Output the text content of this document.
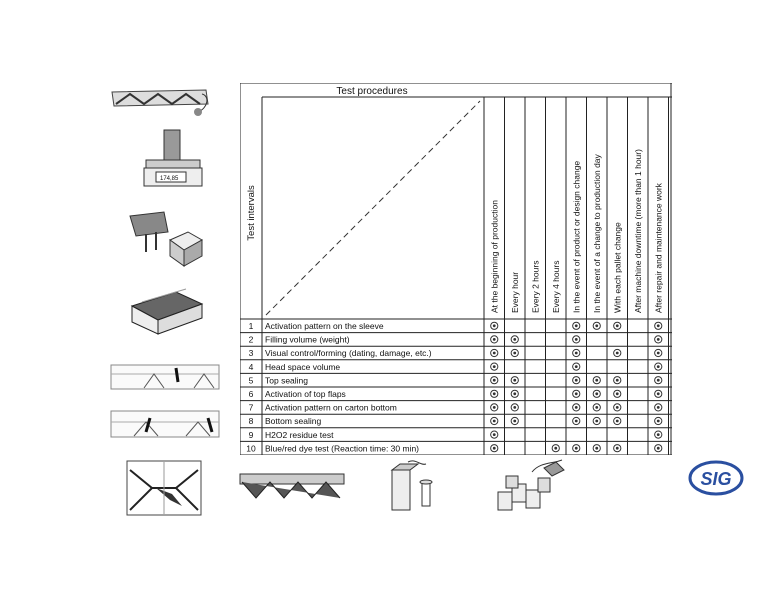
174,85
Test procedures
Test intervals	At the beginning of production Every hour Every 2 hours Every 4 hours In the event of product or design change In the event of a change to production day With each pallet change After machine downtime (more than 1 hour) After repair and maintenance work
1 Activation pattern on the sleeve
2 Filling volume (weight)
3 Visual control/forming (dating, damage, etc.)
4 Head space volume
5 Top sealing
6 Activation of top flaps
7 Activation pattern on carton bottom
8 Bottom sealing
9 H2O2 residue test
10 Blue/red dye test (Reaction time: 30 min)
SIG
